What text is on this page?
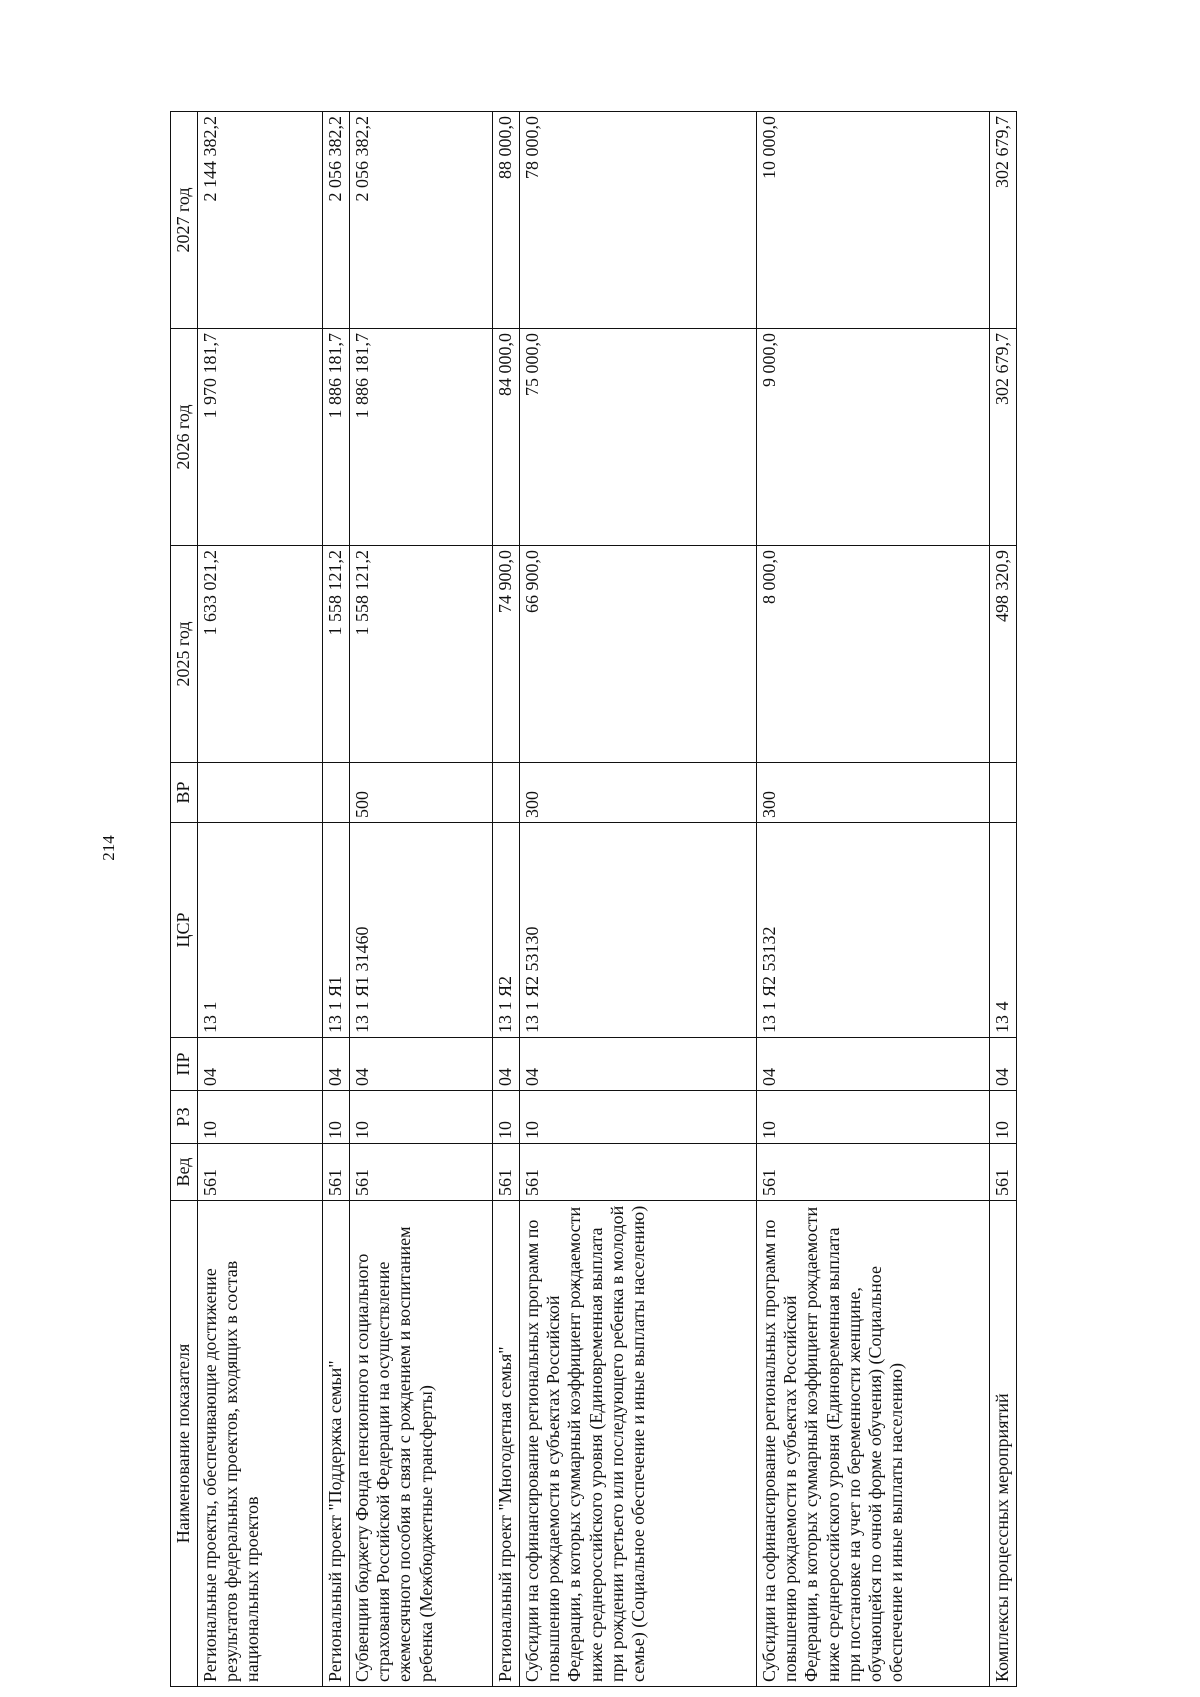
214
Наименование показателя	Вед	РЗ	ПР	ЦСР	ВР	2025 год	2026 год	2027 год
Региональные проекты, обеспечивающие достижение результатов федеральных проектов, входящих в состав национальных проектов	561	10	04	13 1		1 633 021,2	1 970 181,7	2 144 382,2
Региональный проект "Поддержка семьи"	561	10	04	13 1 Я1		1 558 121,2	1 886 181,7	2 056 382,2
Субвенции бюджету Фонда пенсионного и социального страхования Российской Федерации на осуществление ежемесячного пособия в связи с рождением и воспитанием ребенка (Межбюджетные трансферты)	561	10	04	13 1 Я1 31460	500	1 558 121,2	1 886 181,7	2 056 382,2
Региональный проект "Многодетная семья"	561	10	04	13 1 Я2		74 900,0	84 000,0	88 000,0
Субсидии на софинансирование региональных программ по повышению рождаемости в субъектах Российской Федерации, в которых суммарный коэффициент рождаемости ниже среднероссийского уровня (Единовременная выплата при рождении третьего или последующего ребенка в молодой семье) (Социальное обеспечение и иные выплаты населению)	561	10	04	13 1 Я2 53130	300	66 900,0	75 000,0	78 000,0
Субсидии на софинансирование региональных программ по повышению рождаемости в субъектах Российской Федерации, в которых суммарный коэффициент рождаемости ниже среднероссийского уровня (Единовременная выплата при постановке на учет по беременности женщине, обучающейся по очной форме обучения) (Социальное обеспечение и иные выплаты населению)	561	10	04	13 1 Я2 53132	300	8 000,0	9 000,0	10 000,0
Комплексы процессных мероприятий	561	10	04	13 4		498 320,9	302 679,7	302 679,7
